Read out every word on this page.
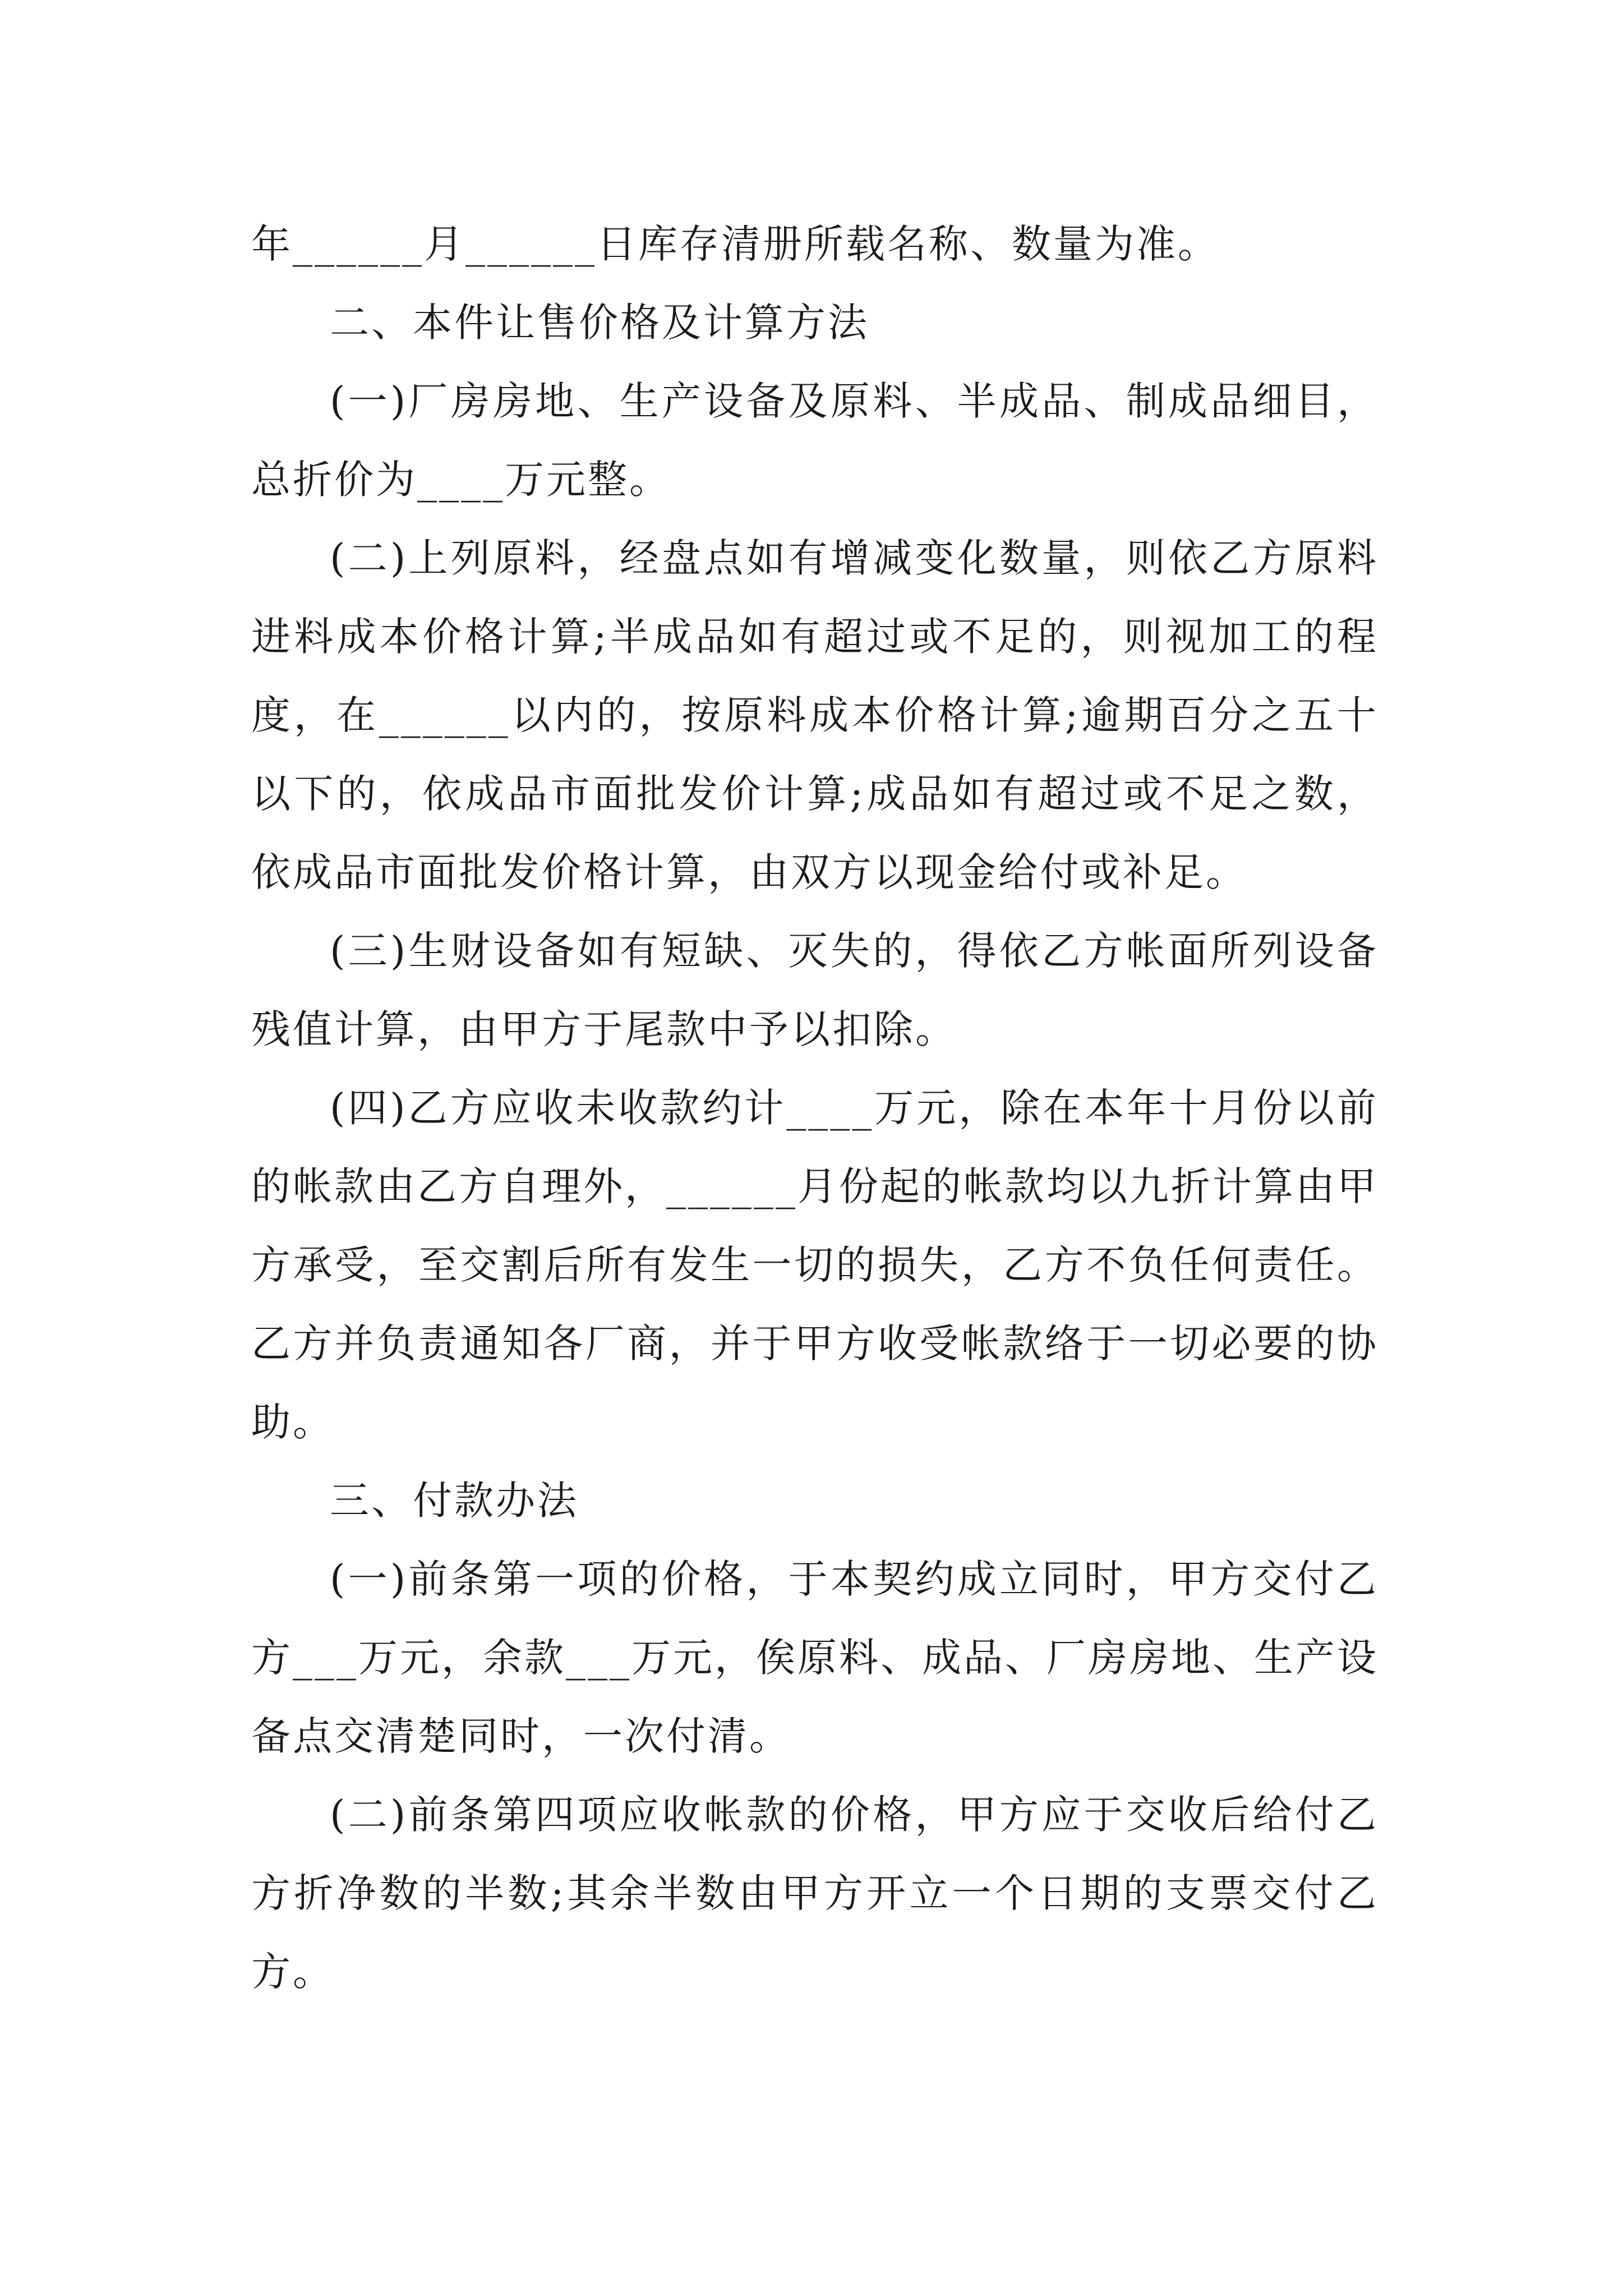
年______月______日库存清册所载名称、数量为准。

二、本件让售价格及计算方法

(一)厂房房地、生产设备及原料、半成品、制成品细目，总折价为____万元整。

(二)上列原料，经盘点如有增减变化数量，则依乙方原料进料成本价格计算;半成品如有超过或不足的，则视加工的程度，在______以内的，按原料成本价格计算;逾期百分之五十以下的，依成品市面批发价计算;成品如有超过或不足之数，依成品市面批发价格计算，由双方以现金给付或补足。

(三)生财设备如有短缺、灭失的，得依乙方帐面所列设备残值计算，由甲方于尾款中予以扣除。

(四)乙方应收未收款约计____万元，除在本年十月份以前的帐款由乙方自理外，______月份起的帐款均以九折计算由甲方承受，至交割后所有发生一切的损失，乙方不负任何责任。乙方并负责通知各厂商，并于甲方收受帐款络于一切必要的协助。

三、付款办法

(一)前条第一项的价格，于本契约成立同时，甲方交付乙方___万元，余款___万元，俟原料、成品、厂房房地、生产设备点交清楚同时，一次付清。

(二)前条第四项应收帐款的价格，甲方应于交收后给付乙方折净数的半数;其余半数由甲方开立一个日期的支票交付乙方。
